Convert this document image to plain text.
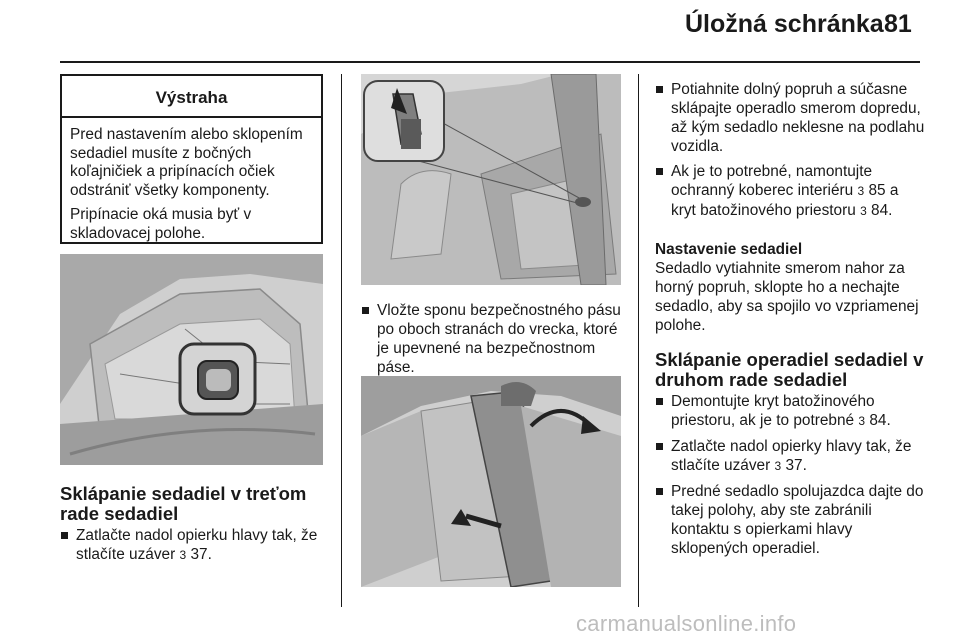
Úložná schránka 81
Výstraha

Pred nastavením alebo sklopením sedadiel musíte z bočných koľajničiek a pripínacích očiek odstrániť všetky komponenty.

Pripínacie oká musia byť v skladovacej polohe.

Sklápanie sedadiel v treťom rade sedadiel

Zatlačte nadol opierku hlavy tak, že stlačíte uzáver 3 37.

Vložte sponu bezpečnostného pásu po oboch stranách do vrecka, ktoré je upevnené na bezpečnostnom páse.

Potiahnite dolný popruh a súčasne sklápajte operadlo smerom dopredu, až kým sedadlo neklesne na podlahu vozidla.

Ak je to potrebné, namontujte ochranný koberec interiéru 3 85 a kryt batožinového priestoru 3 84.

Nastavenie sedadiel

Sedadlo vytiahnite smerom nahor za horný popruh, sklopte ho a nechajte sedadlo, aby sa spojilo vo vzpriamenej polohe.

Sklápanie operadiel sedadiel v druhom rade sedadiel

Demontujte kryt batožinového priestoru, ak je to potrebné 3 84.

Zatlačte nadol opierky hlavy tak, že stlačíte uzáver 3 37.

Predné sedadlo spolujazdca dajte do takej polohy, aby ste zabránili kontaktu s opierkami hlavy sklopených operadiel.

carmanualsonline.info
